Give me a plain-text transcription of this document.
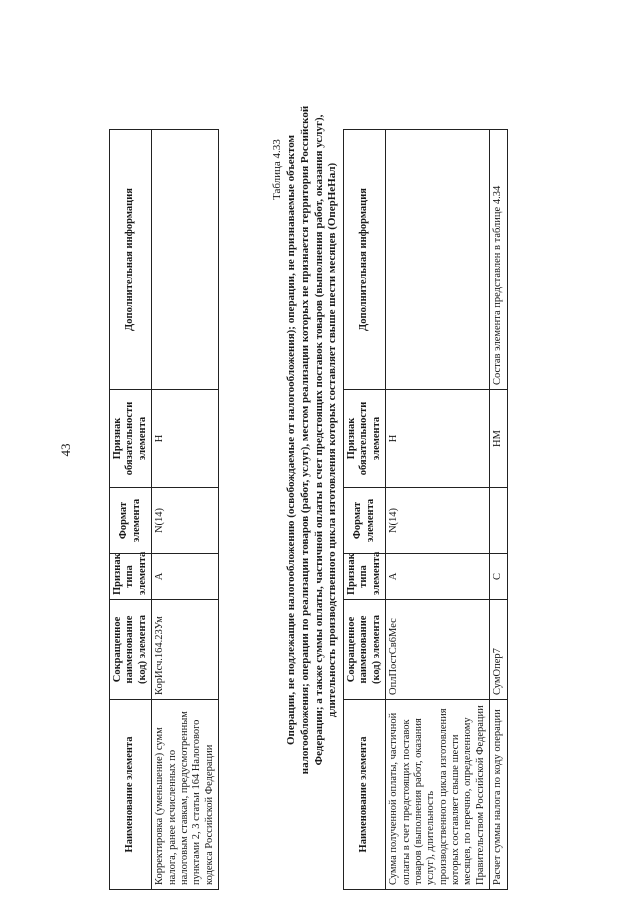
43
Наименование элемента	Сокращенное наименование (код) элемента	Признак типа элемента	Формат элемента	Признак обязательности элемента	Дополнительная информация
Корректировка (уменьшение) сумм налога, ранее исчисленных по налоговым ставкам, предусмотренным пунктами 2, 3 статьи 164 Налогового кодекса Российской Федерации	КорИсч.164.23Ум	А	N(14)	Н	
Таблица 4.33 Операции, не подлежащие налогообложению (освобождаемые от налогообложения); операции, не признаваемые объектом налогообложения; операции по реализации товаров (работ, услуг), местом реализации которых не признается территория Российской Федерации; а также суммы оплаты, частичной оплаты в счет предстоящих поставок товаров (выполнения работ, оказания услуг), длительность производственного цикла изготовления которых составляет свыше шести месяцев (ОперНеНал)
Наименование элемента	Сокращенное наименование (код) элемента	Признак типа элемента	Формат элемента	Признак обязательности элемента	Дополнительная информация
Сумма полученной оплаты, частичной оплаты в счет предстоящих поставок товаров (выполнения работ, оказания услуг), длительность производственного цикла изготовления которых составляет свыше шести месяцев, по перечню, определенному Правительством Российской Федерации	ОплПостСв6Мес	А	N(14)	Н	
Расчет суммы налога по коду операции	СумОпер7	С		НМ	Состав элемента представлен в таблице 4.34
